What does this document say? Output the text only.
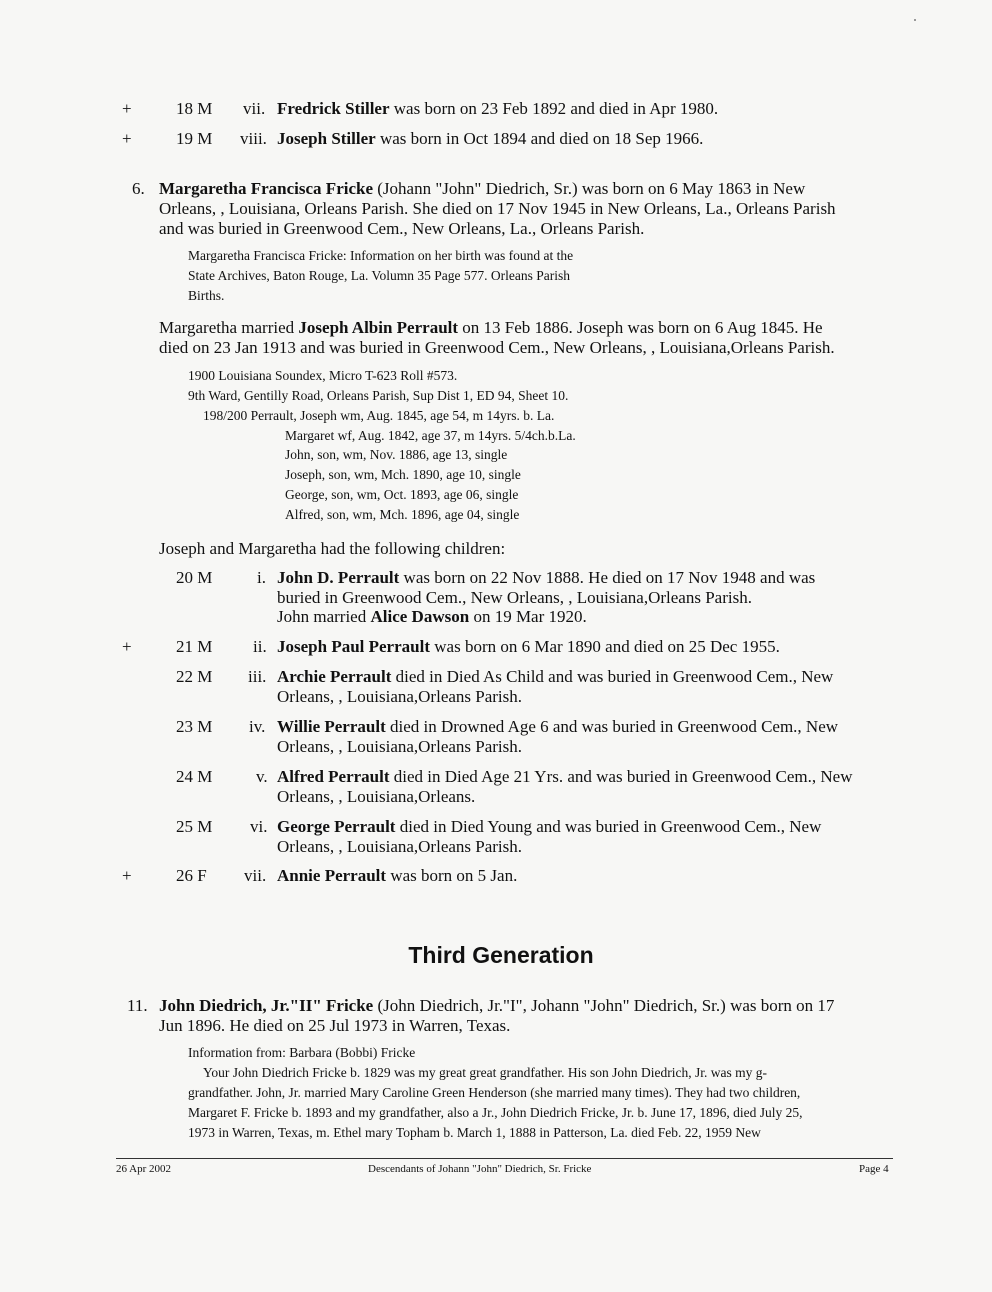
+	18 M vii. Fredrick Stiller was born on 23 Feb 1892 and died in Apr 1980.
+	19 M viii. Joseph Stiller was born in Oct 1894 and died on 18 Sep 1966.
6. Margaretha Francisca Fricke (Johann "John" Diedrich, Sr.) was born on 6 May 1863 in New
Orleans, , Louisiana, Orleans Parish. She died on 17 Nov 1945 in New Orleans, La., Orleans Parish
and was buried in Greenwood Cem., New Orleans, La., Orleans Parish.
Margaretha Francisca Fricke: Information on her birth was found at the
State Archives, Baton Rouge, La. Volumn 35 Page 577. Orleans Parish
Births.
Margaretha married Joseph Albin Perrault on 13 Feb 1886. Joseph was born on 6 Aug 1845. He
died on 23 Jan 1913 and was buried in Greenwood Cem., New Orleans, , Louisiana,Orleans Parish.
1900 Louisiana Soundex, Micro T-623 Roll #573.
9th Ward, Gentilly Road, Orleans Parish, Sup Dist 1, ED 94, Sheet 10.
198/200 Perrault, Joseph wm, Aug. 1845, age 54, m 14yrs. b. La.
Margaret wf, Aug. 1842, age 37, m 14yrs. 5/4ch.b.La.
John, son, wm, Nov. 1886, age 13, single
Joseph, son, wm, Mch. 1890, age 10, single
George, son, wm, Oct. 1893, age 06, single
Alfred, son, wm, Mch. 1896, age 04, single
Joseph and Margaretha had the following children:
20 M	i. John D. Perrault was born on 22 Nov 1888. He died on 17 Nov 1948 and was
buried in Greenwood Cem., New Orleans, , Louisiana,Orleans Parish.
John married Alice Dawson on 19 Mar 1920.
+	21 M ii. Joseph Paul Perrault was born on 6 Mar 1890 and died on 25 Dec 1955.
22 M iii. Archie Perrault died in Died As Child and was buried in Greenwood Cem., New
Orleans, , Louisiana,Orleans Parish.
23 M iv. Willie Perrault died in Drowned Age 6 and was buried in Greenwood Cem., New
Orleans, , Louisiana,Orleans Parish.
24 M	v. Alfred Perrault died in Died Age 21 Yrs. and was buried in Greenwood Cem., New
Orleans, , Louisiana,Orleans.
25 M vi. George Perrault died in Died Young and was buried in Greenwood Cem., New
Orleans, , Louisiana,Orleans Parish.
+	26 F vii. Annie Perrault was born on 5 Jan.
Third Generation
11. John Diedrich, Jr."II" Fricke (John Diedrich, Jr."I", Johann "John" Diedrich, Sr.) was born on 17
Jun 1896. He died on 25 Jul 1973 in Warren, Texas.
Information from: Barbara (Bobbi) Fricke
Your John Diedrich Fricke b. 1829 was my great great grandfather. His son John Diedrich, Jr. was my g-
grandfather. John, Jr. married Mary Caroline Green Henderson (she married many times). They had two children,
Margaret F. Fricke b. 1893 and my grandfather, also a Jr., John Diedrich Fricke, Jr. b. June 17, 1896, died July 25,
1973 in Warren, Texas, m. Ethel mary Topham b. March 1, 1888 in Patterson, La. died Feb. 22, 1959 New
26 Apr 2002	Descendants of Johann "John" Diedrich, Sr. Fricke	Page 4
